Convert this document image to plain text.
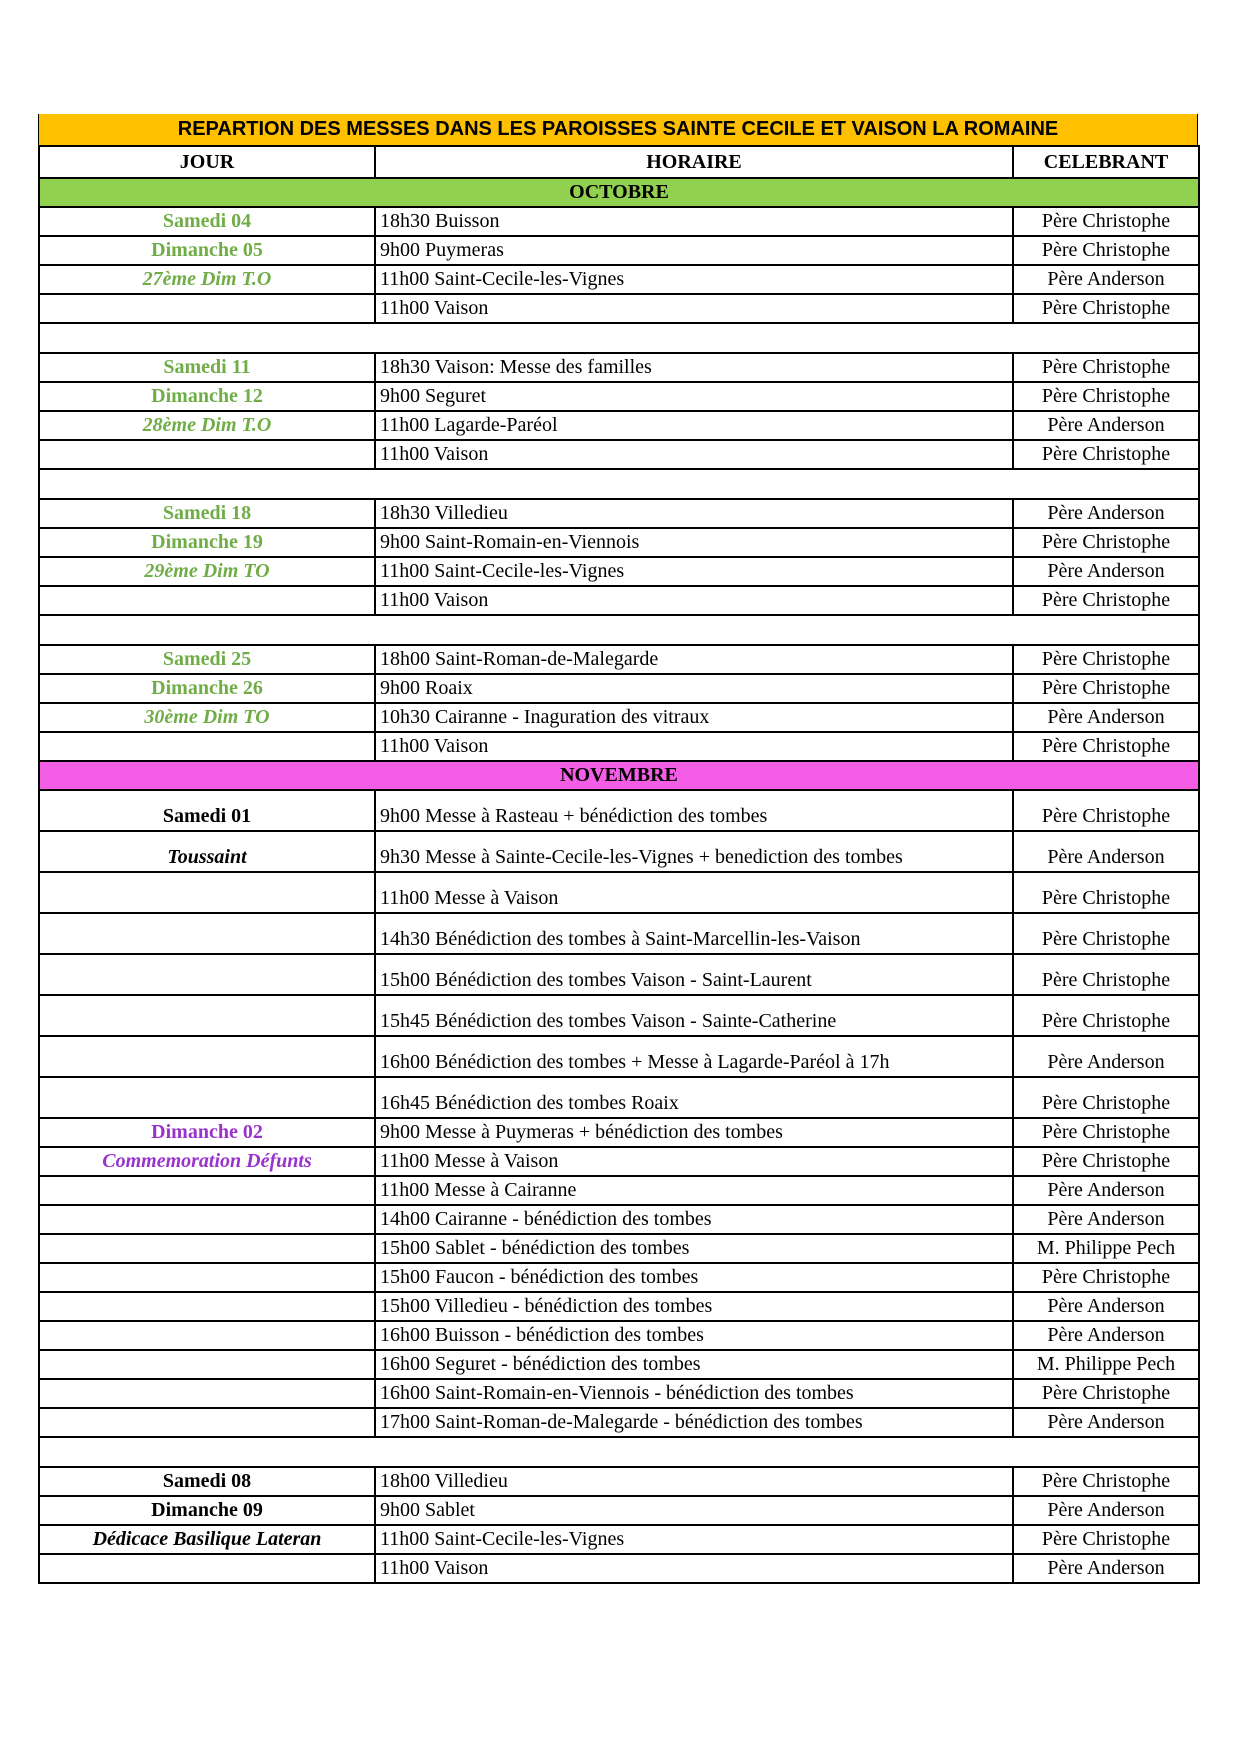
REPARTION DES MESSES DANS LES PAROISSES SAINTE CECILE ET VAISON LA ROMAINE
JOUR	HORAIRE	CELEBRANT
OCTOBRE		
Samedi 04	18h30 Buisson	Père Christophe
Dimanche 05	9h00 Puymeras	Père Christophe
27ème Dim T.O	11h00 Saint-Cecile-les-Vignes	Père Anderson
	11h00 Vaison	Père Christophe

Samedi 11	18h30 Vaison: Messe des familles	Père Christophe
Dimanche 12	9h00 Seguret	Père Christophe
28ème Dim T.O	11h00 Lagarde-Paréol	Père Anderson
	11h00 Vaison	Père Christophe

Samedi 18	18h30 Villedieu	Père Anderson
Dimanche 19	9h00 Saint-Romain-en-Viennois	Père Christophe
29ème Dim TO	11h00 Saint-Cecile-les-Vignes	Père Anderson
	11h00 Vaison	Père Christophe

Samedi 25	18h00 Saint-Roman-de-Malegarde	Père Christophe
Dimanche 26	9h00 Roaix	Père Christophe
30ème Dim TO	10h30 Cairanne - Inaguration des vitraux	Père Anderson
	11h00 Vaison	Père Christophe
NOVEMBRE		
Samedi 01	9h00 Messe à Rasteau + bénédiction des tombes	Père Christophe
Toussaint	9h30 Messe à Sainte-Cecile-les-Vignes + benediction des tombes	Père Anderson
	11h00 Messe à Vaison	Père Christophe
	14h30 Bénédiction des tombes à Saint-Marcellin-les-Vaison	Père Christophe
	15h00 Bénédiction des tombes Vaison - Saint-Laurent	Père Christophe
	15h45 Bénédiction des tombes Vaison - Sainte-Catherine	Père Christophe
	16h00 Bénédiction des tombes + Messe à Lagarde-Paréol à 17h	Père Anderson
	16h45 Bénédiction des tombes Roaix	Père Christophe
Dimanche 02	9h00 Messe à Puymeras + bénédiction des tombes	Père Christophe
Commemoration Défunts	11h00 Messe à Vaison	Père Christophe
	11h00 Messe à Cairanne	Père Anderson
	14h00 Cairanne - bénédiction des tombes	Père Anderson
	15h00 Sablet - bénédiction des tombes	M. Philippe Pech
	15h00 Faucon - bénédiction des tombes	Père Christophe
	15h00 Villedieu - bénédiction des tombes	Père Anderson
	16h00 Buisson - bénédiction des tombes	Père Anderson
	16h00 Seguret - bénédiction des tombes	M. Philippe Pech
	16h00 Saint-Romain-en-Viennois - bénédiction des tombes	Père Christophe
	17h00 Saint-Roman-de-Malegarde - bénédiction des tombes	Père Anderson

Samedi 08	18h00 Villedieu	Père Christophe
Dimanche 09	9h00 Sablet	Père Anderson
Dédicace Basilique Lateran	11h00 Saint-Cecile-les-Vignes	Père Christophe
	11h00 Vaison	Père Anderson
